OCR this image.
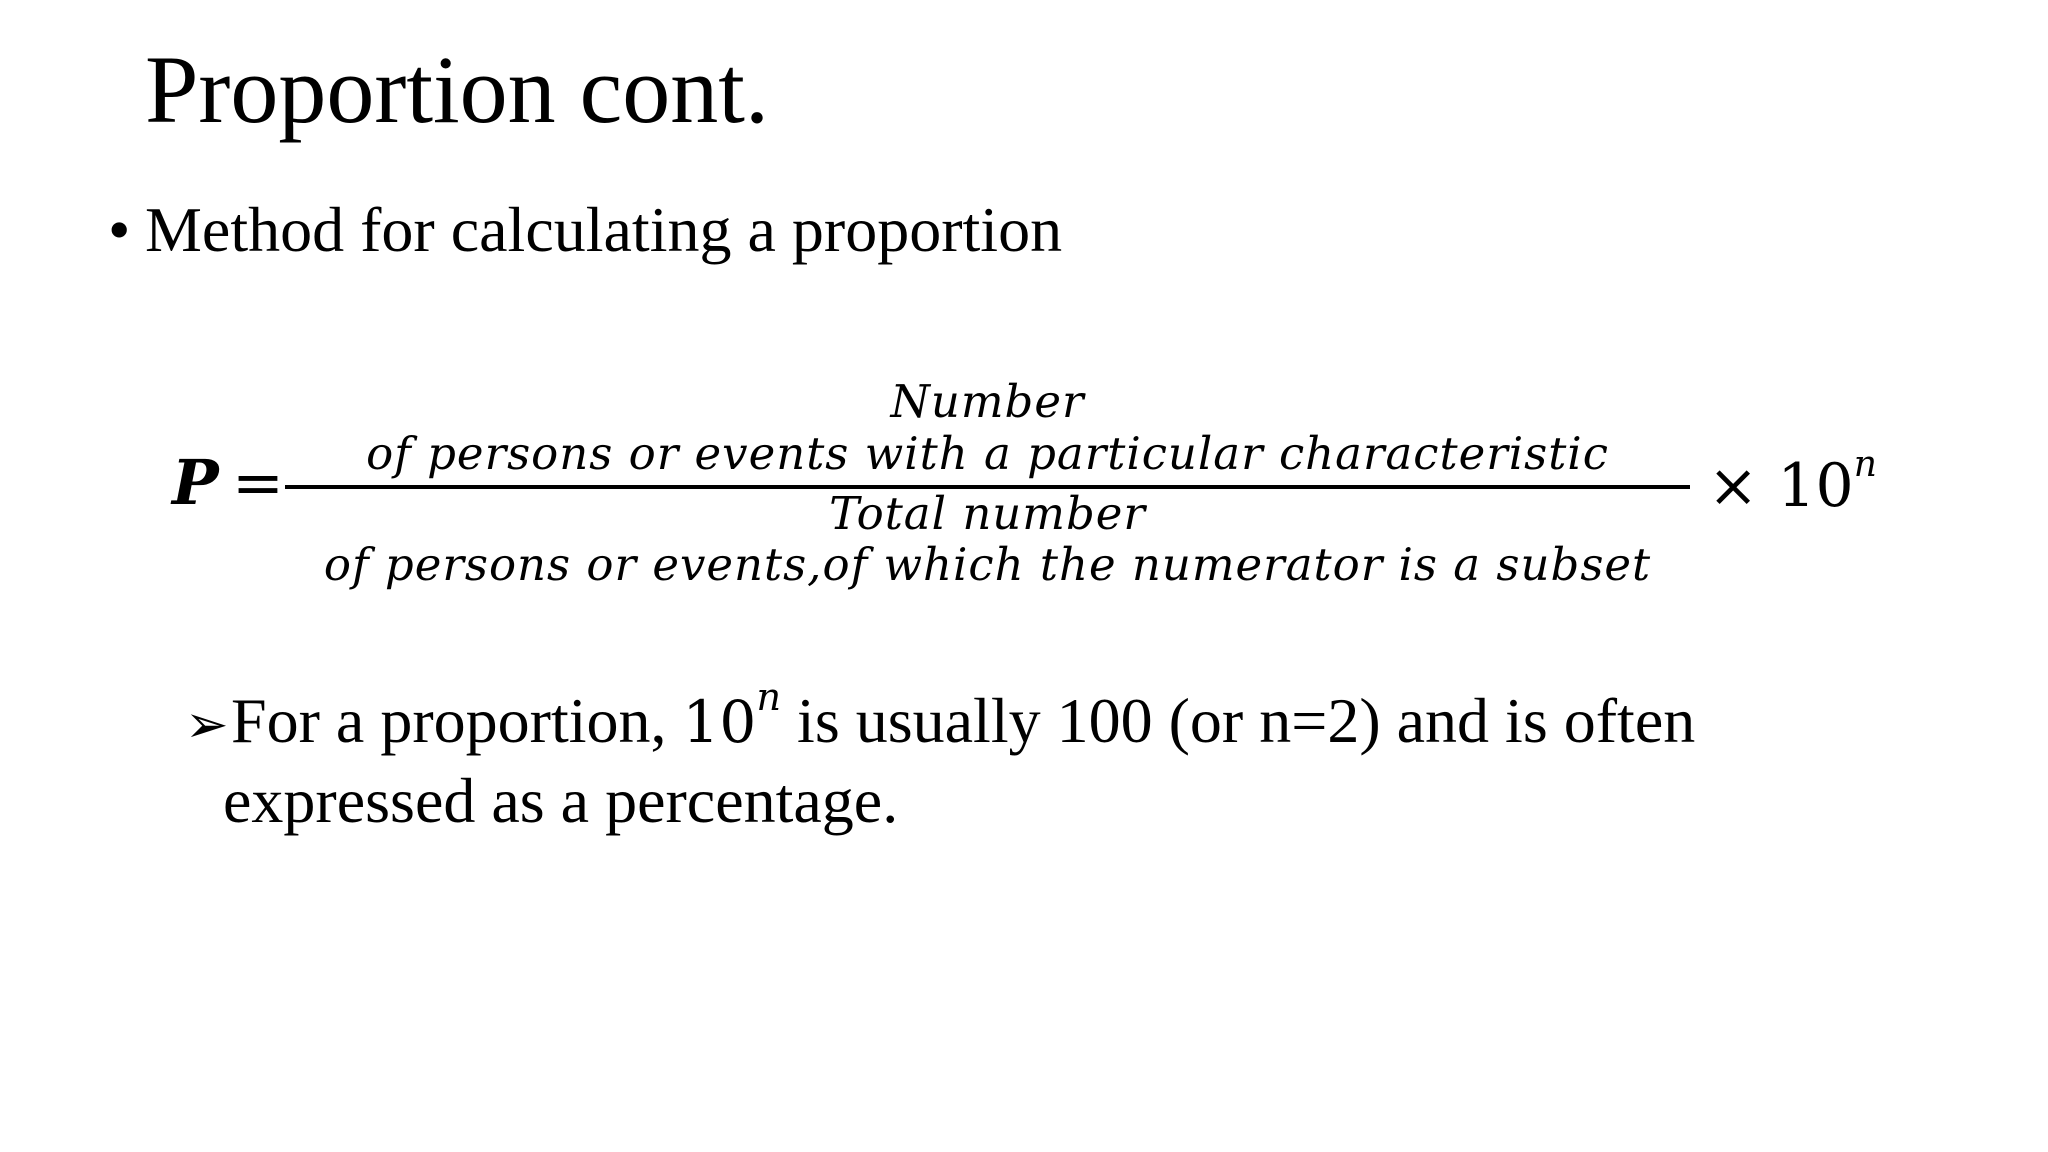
Proportion cont.
• Method for calculating a proportion
P =
Number
of persons or events with a particular characteristic
Total number
of persons or events,of which the numerator is a subset
× $10^n$
➢For a proportion, 10$^n$ is usually 100 (or n=2) and is often
expressed as a percentage.
